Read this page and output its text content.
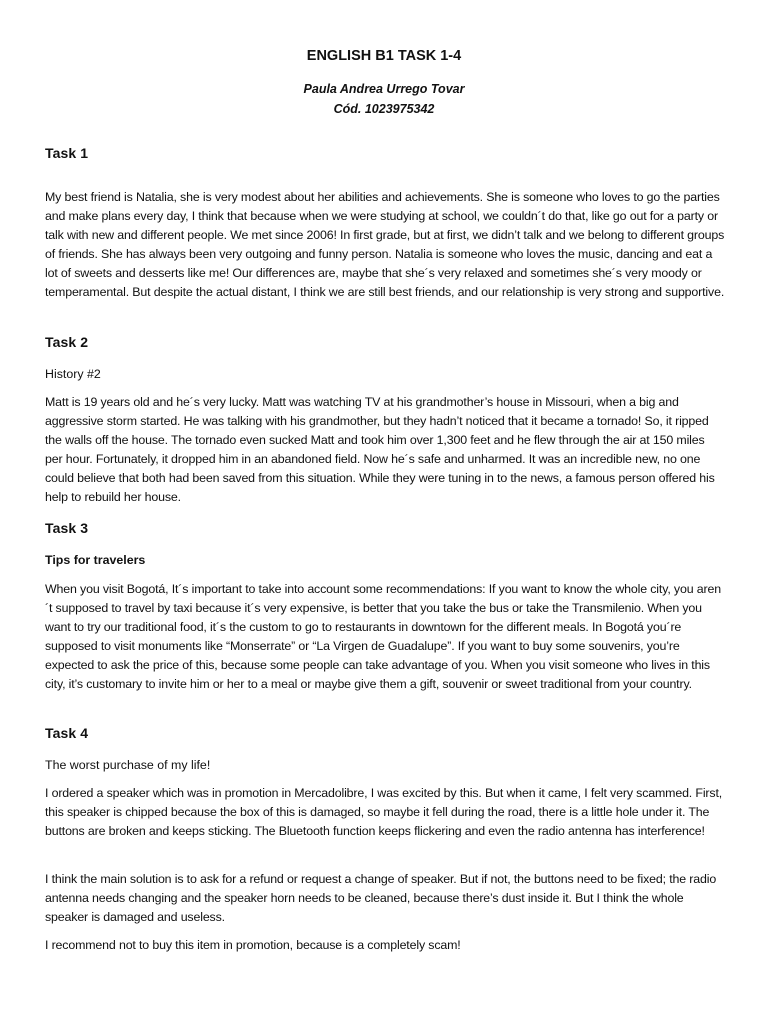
ENGLISH B1 TASK 1-4
Paula Andrea Urrego Tovar
Cód. 1023975342
Task 1

My best friend is Natalia, she is very modest about her abilities and achievements. She is someone who loves to go the parties and make plans every day, I think that because when we were studying at school, we couldn´t do that, like go out for a party or talk with new and different people. We met since 2006! In first grade, but at first, we didn’t talk and we belong to different groups of friends. She has always been very outgoing and funny person. Natalia is someone who loves the music, dancing and eat a lot of sweets and desserts like me! Our differences are, maybe that she´s very relaxed and sometimes she´s very moody or temperamental. But despite the actual distant, I think we are still best friends, and our relationship is very strong and supportive.

Task 2

History #2

Matt is 19 years old and he´s very lucky. Matt was watching TV at his grandmother’s house in Missouri, when a big and aggressive storm started. He was talking with his grandmother, but they hadn’t noticed that it became a tornado! So, it ripped the walls off the house. The tornado even sucked Matt and took him over 1,300 feet and he flew through the air at 150 miles per hour. Fortunately, it dropped him in an abandoned field. Now he´s safe and unharmed. It was an incredible new, no one could believe that both had been saved from this situation. While they were tuning in to the news, a famous person offered his help to rebuild her house.

Task 3

Tips for travelers

When you visit Bogotá, It´s important to take into account some recommendations: If you want to know the whole city, you aren´t supposed to travel by taxi because it´s very expensive, is better that you take the bus or take the Transmilenio. When you want to try our traditional food, it´s the custom to go to restaurants in downtown for the different meals. In Bogotá you´re supposed to visit monuments like “Monserrate” or “La Virgen de Guadalupe”. If you want to buy some souvenirs, you’re expected to ask the price of this, because some people can take advantage of you. When you visit someone who lives in this city, it’s customary to invite him or her to a meal or maybe give them a gift, souvenir or sweet traditional from your country.

Task 4

The worst purchase of my life!

I ordered a speaker which was in promotion in Mercadolibre, I was excited by this. But when it came, I felt very scammed. First, this speaker is chipped because the box of this is damaged, so maybe it fell during the road, there is a little hole under it. The buttons are broken and keeps sticking. The Bluetooth function keeps flickering and even the radio antenna has interference!

I think the main solution is to ask for a refund or request a change of speaker. But if not, the buttons need to be fixed; the radio antenna needs changing and the speaker horn needs to be cleaned, because there’s dust inside it. But I think the whole speaker is damaged and useless.

I recommend not to buy this item in promotion, because is a completely scam!
